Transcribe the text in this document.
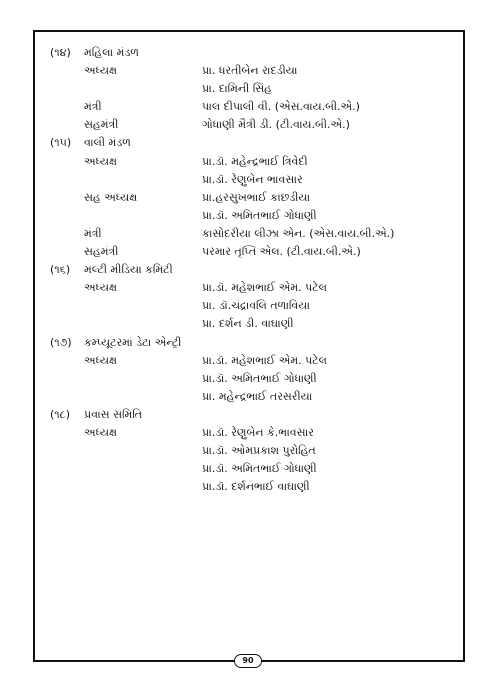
(૧૪)	મહિલા મંડળ
અધ્યક્ષ	પ્રા. ધરતીબેન રાદડીયા
પ્રા. દામિની સિંહ
મંત્રી	પાલ દીપાલી વી. (એસ.વાય.બી.એ.)
સહમંત્રી	ગોધાણી મૈત્રી ડી. (ટી.વાય.બી.એ.)
(૧૫)	વાલી મંડળ
અધ્યક્ષ	પ્રા.ડૉ. મહેન્દ્રભાઈ ત્રિવેદી
પ્રા.ડૉ. રેણુબેન ભાવસાર
સહ અધ્યક્ષ	પ્રા.હરસુખભાઈ કાછડીયા
પ્રા.ડૉ. અમિતભાઈ ગોધાણી
મંત્રી	કાસોદરીયા લીઝા એન. (એસ.વાય.બી.એ.)
સહમંત્રી	પરમાર તૃપ્તિ એલ. (ટી.વાય.બી.એ.)
(૧૬)	મલ્ટી મીડિયા કમિટી
અધ્યક્ષ	પ્રા.ડૉ. મહેશભાઈ એમ. પટેલ
પ્રા. ડૉ.ચંદ્રાવલિ તળાવિયા
પ્રા. દર્શન ડી. વાઘાણી
(૧૭)	કમ્પ્યૂટરમાં ડેટા એન્ટ્રી
અધ્યક્ષ	પ્રા.ડૉ. મહેશભાઈ એમ. પટેલ
પ્રા.ડૉ. અમિતભાઈ ગોધાણી
પ્રા. મહેન્દ્રભાઈ તરસરીયા
(૧૮)	પ્રવાસ સમિતિ
અધ્યક્ષ	પ્રા.ડૉ. રેણુબેન કે.ભાવસાર
પ્રા.ડૉ. ઓમપ્રકાશ પુરોહિત
પ્રા.ડૉ. અમિતભાઈ ગોધાણી
પ્રા.ડૉ. દર્શનભાઈ વાઘાણી
90
